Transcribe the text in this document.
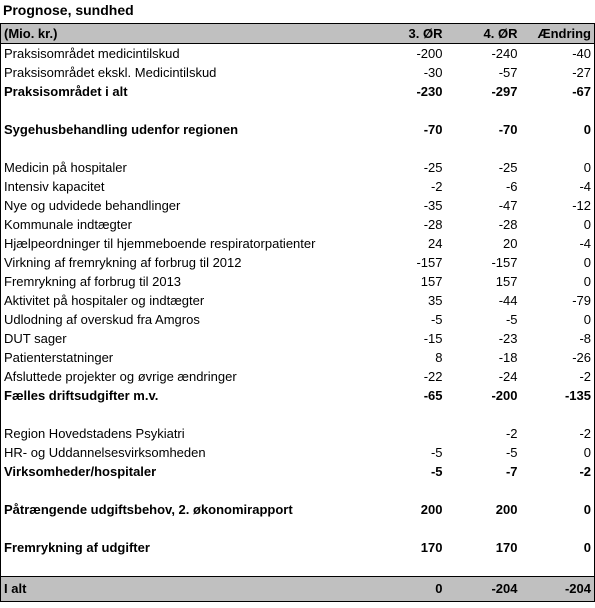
Prognose, sundhed
(Mio. kr.)	3. ØR	4. ØR	Ændring
Praksisområdet medicintilskud	-200	-240	-40
Praksisområdet ekskl. Medicintilskud	-30	-57	-27
Praksisområdet i alt	-230	-297	-67

Sygehusbehandling udenfor regionen	-70	-70	0

Medicin på hospitaler	-25	-25	0
Intensiv kapacitet	-2	-6	-4
Nye og udvidede behandlinger	-35	-47	-12
Kommunale indtægter	-28	-28	0
Hjælpeordninger til hjemmeboende respiratorpatienter	24	20	-4
Virkning af fremrykning af forbrug til 2012	-157	-157	0
Fremrykning af forbrug til 2013	157	157	0
Aktivitet på hospitaler og indtægter	35	-44	-79
Udlodning af overskud fra Amgros	-5	-5	0
DUT sager	-15	-23	-8
Patienterstatninger	8	-18	-26
Afsluttede projekter og øvrige ændringer	-22	-24	-2
Fælles driftsudgifter m.v.	-65	-200	-135

Region Hovedstadens Psykiatri		-2	-2
HR- og Uddannelsesvirksomheden	-5	-5	0
Virksomheder/hospitaler	-5	-7	-2

Påtrængende udgiftsbehov, 2. økonomirapport	200	200	0

Fremrykning af udgifter	170	170	0

I alt	0	-204	-204
